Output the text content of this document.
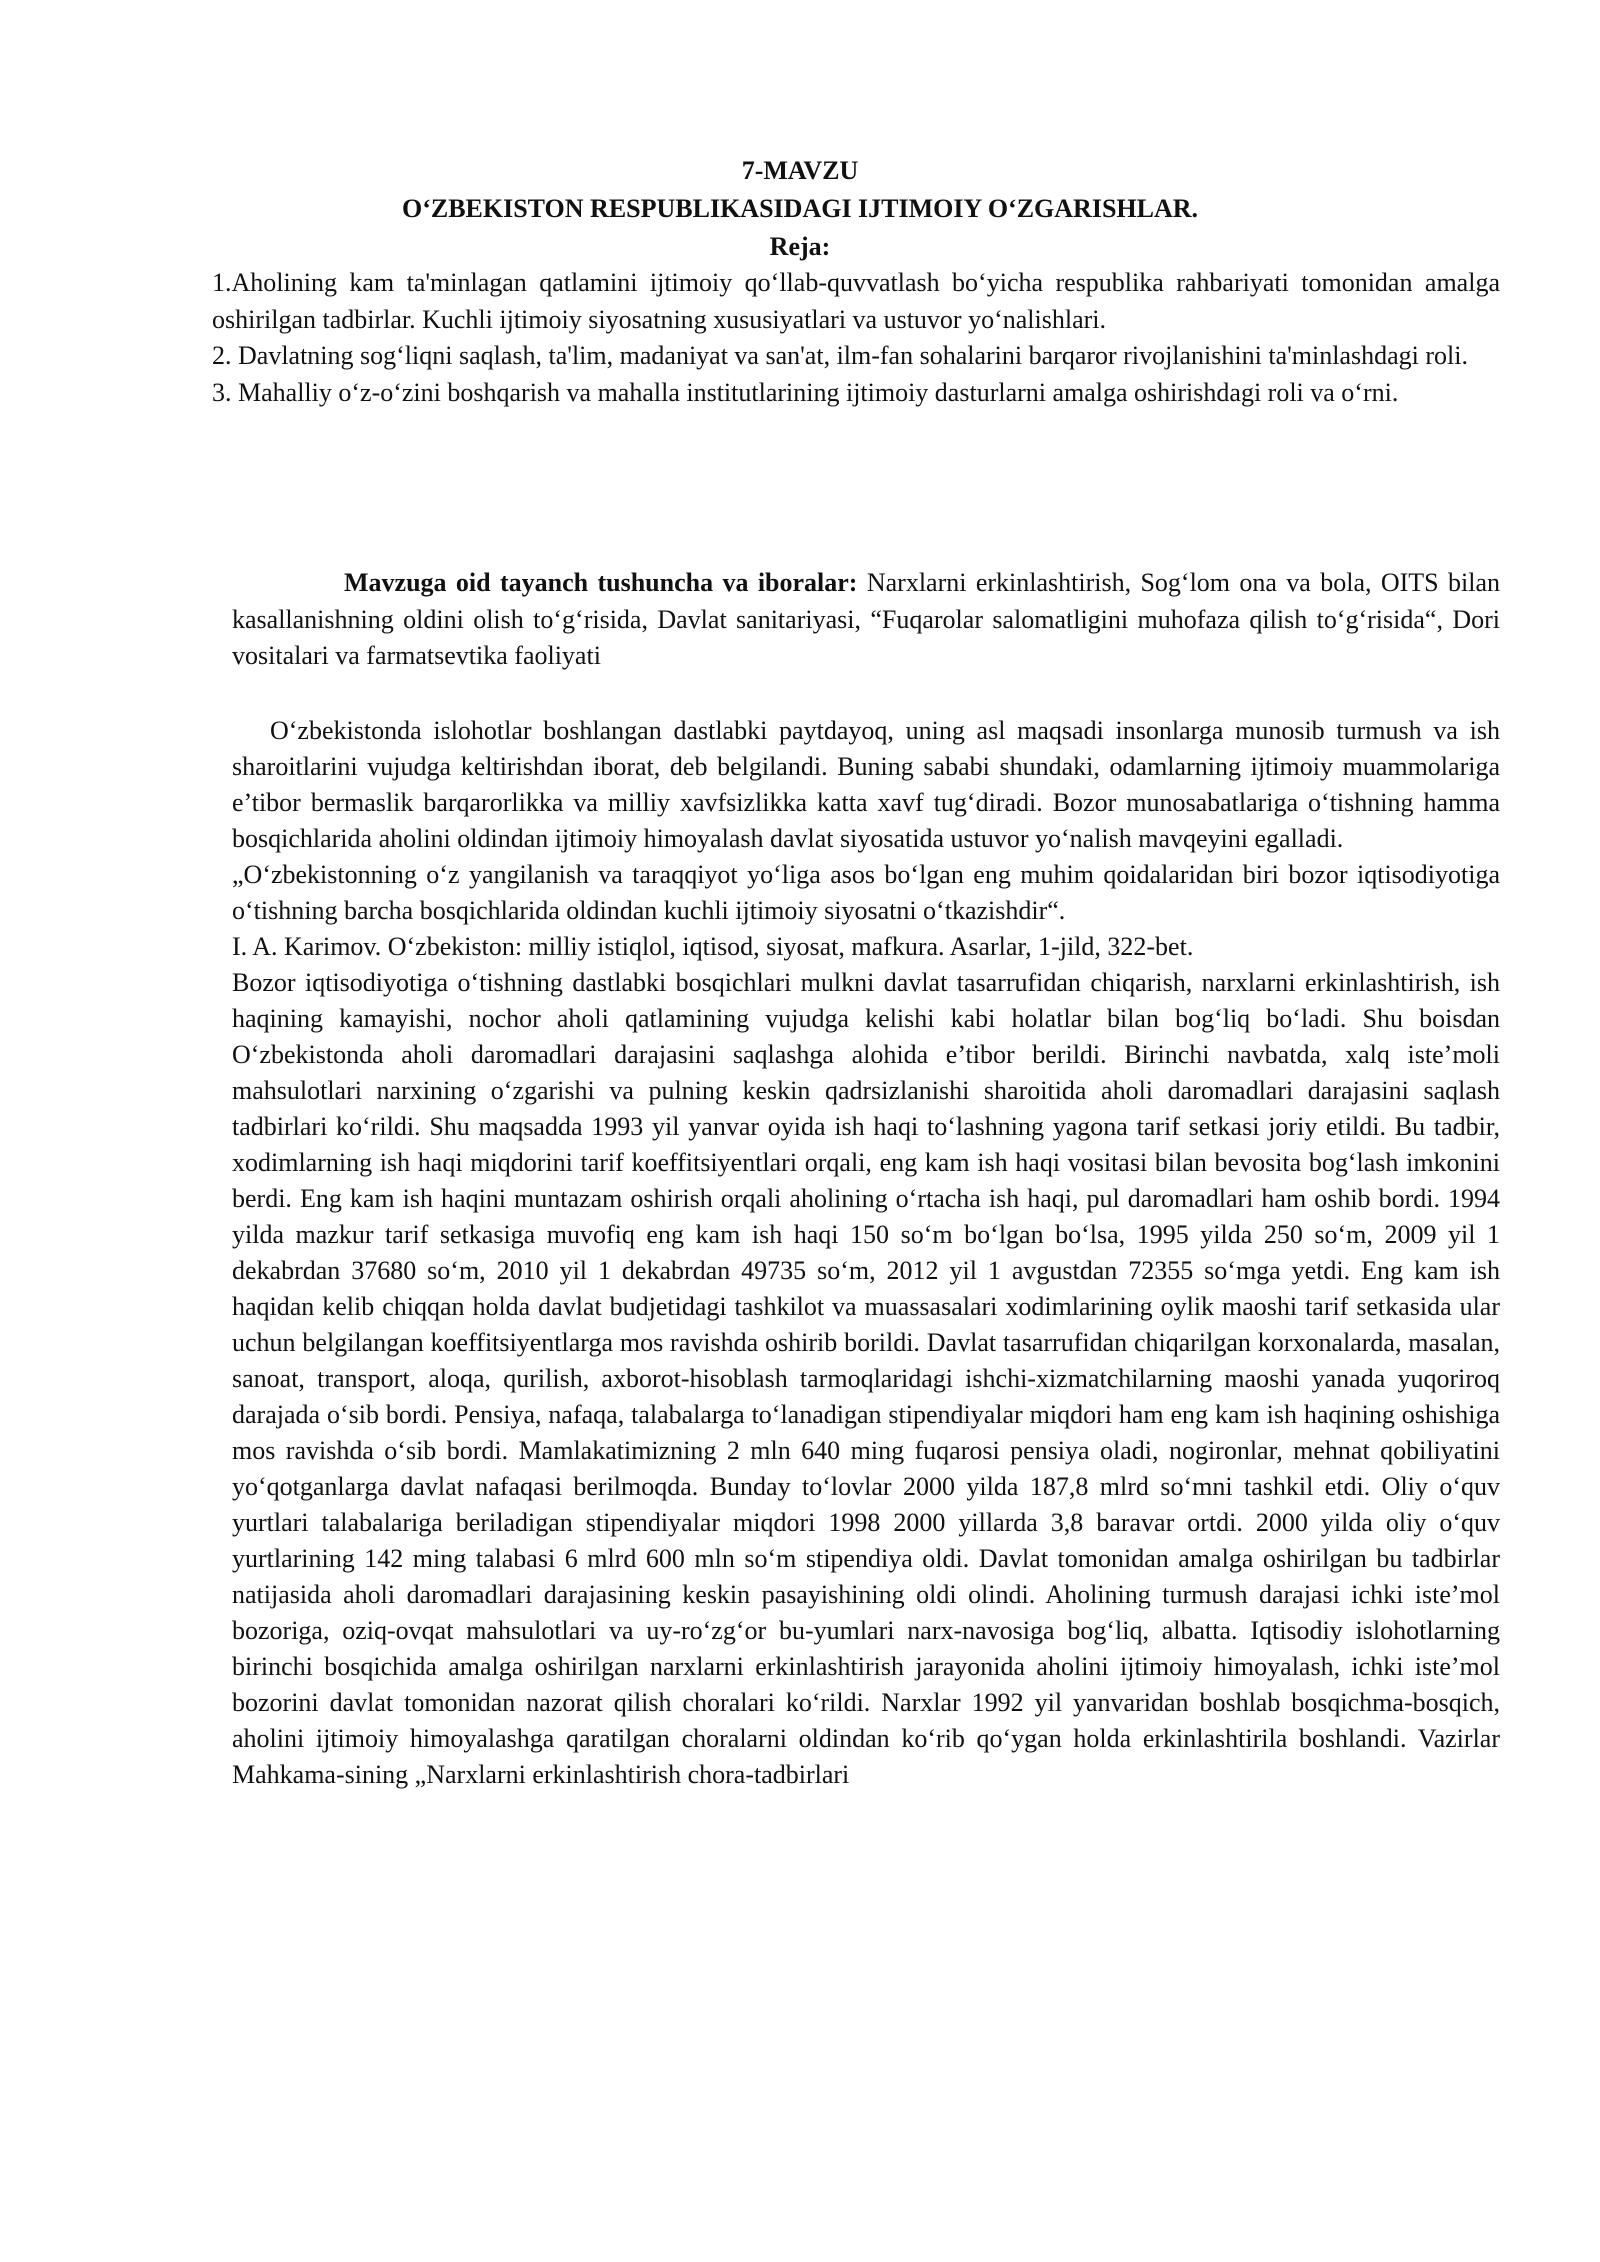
7-MAVZU
O‘ZBEKISTON RESPUBLIKASIDAGI IJTIMOIY O‘ZGARISHLAR.
Reja:

1.Aholining kam ta'minlagan qatlamini ijtimoiy qo‘llab-quvvatlash bo‘yicha respublika rahbariyati tomonidan amalga oshirilgan tadbirlar. Kuchli ijtimoiy siyosatning xususiyatlari va ustuvor yo‘nalishlari.

2. Davlatning sog‘liqni saqlash, ta'lim, madaniyat va san'at, ilm-fan sohalarini barqaror rivojlanishini ta'minlashdagi roli.

3. Mahalliy o‘z-o‘zini boshqarish va mahalla institutlarining ijtimoiy dasturlarni amalga oshirishdagi roli va o‘rni.

Mavzuga oid tayanch tushuncha va iboralar: Narxlarni erkinlashtirish, Sog‘lom ona va bola, OITS bilan kasallanishning oldini olish to‘g‘risida, Davlat sanitariyasi, “Fuqarolar salomatligini muhofaza qilish to‘g‘risida“, Dori vositalari va farmatsevtika faoliyati

O‘zbekistonda islohotlar boshlangan dastlabki paytdayoq, uning asl maqsadi insonlarga munosib turmush va ish sharoitlarini vujudga keltirishdan iborat, deb belgilandi. Buning sababi shundaki, odamlarning ijtimoiy muammolariga e’tibor bermaslik barqarorlikka va milliy xavfsizlikka katta xavf tug‘diradi. Bozor munosabatlariga o‘tishning hamma bosqichlarida aholini oldindan ijtimoiy himoyalash davlat siyosatida ustuvor yo‘nalish mavqeyini egalladi.

„O‘zbekistonning o‘z yangilanish va taraqqiyot yo‘liga asos bo‘lgan eng muhim qoidalaridan biri bozor iqtisodiyotiga o‘tishning barcha bosqichlarida oldindan kuchli ijtimoiy siyosatni o‘tkazishdir“.

I. A. Karimov. O‘zbekiston: milliy istiqlol, iqtisod, siyosat, mafkura. Asarlar, 1-jild, 322-bet.

Bozor iqtisodiyotiga o‘tishning dastlabki bosqichlari mulkni davlat tasarrufidan chiqarish, narxlarni erkinlashtirish, ish haqining kamayishi, nochor aholi qatlamining vujudga kelishi kabi holatlar bilan bog‘liq bo‘ladi. Shu boisdan O‘zbekistonda aholi daromadlari darajasini saqlashga alohida e’tibor berildi. Birinchi navbatda, xalq iste’moli mahsulotlari narxining o‘zgarishi va pulning keskin qadrsizlanishi sharoitida aholi daromadlari darajasini saqlash tadbirlari ko‘rildi. Shu maqsadda 1993 yil yanvar oyida ish haqi to‘lashning yagona tarif setkasi joriy etildi. Bu tadbir, xodimlarning ish haqi miqdorini tarif koeffitsiyentlari orqali, eng kam ish haqi vositasi bilan bevosita bog‘lash imkonini berdi. Eng kam ish haqini muntazam oshirish orqali aholining o‘rtacha ish haqi, pul daromadlari ham oshib bordi. 1994 yilda mazkur tarif setkasiga muvofiq eng kam ish haqi 150 so‘m bo‘lgan bo‘lsa, 1995 yilda 250 so‘m, 2009 yil 1 dekabrdan 37680 so‘m, 2010 yil 1 dekabrdan 49735 so‘m, 2012 yil 1 avgustdan 72355 so‘mga yetdi. Eng kam ish haqidan kelib chiqqan holda davlat budjetidagi tashkilot va muassasalari xodimlarining oylik maoshi tarif setkasida ular uchun belgilangan koeffitsiyentlarga mos ravishda oshirib borildi. Davlat tasarrufidan chiqarilgan korxonalarda, masalan, sanoat, transport, aloqa, qurilish, axborot-hisoblash tarmoqlaridagi ishchi-xizmatchilarning maoshi yanada yuqoriroq darajada o‘sib bordi. Pensiya, nafaqa, talabalarga to‘lanadigan stipendiyalar miqdori ham eng kam ish haqining oshishiga mos ravishda o‘sib bordi. Mamlakatimizning 2 mln 640 ming fuqarosi pensiya oladi, nogironlar, mehnat qobiliyatini yo‘qotganlarga davlat nafaqasi berilmoqda. Bunday to‘lovlar 2000 yilda 187,8 mlrd so‘mni tashkil etdi. Oliy o‘quv yurtlari talabalariga beriladigan stipendiyalar miqdori 1998 2000 yillarda 3,8 baravar ortdi. 2000 yilda oliy o‘quv yurtlarining 142 ming talabasi 6 mlrd 600 mln so‘m stipendiya oldi. Davlat tomonidan amalga oshirilgan bu tadbirlar natijasida aholi daromadlari darajasining keskin pasayishining oldi olindi. Aholining turmush darajasi ichki iste’mol bozoriga, oziq-ovqat mahsulotlari va uy-ro‘zg‘or bu-yumlari narx-navosiga bog‘liq, albatta. Iqtisodiy islohotlarning birinchi bosqichida amalga oshirilgan narxlarni erkinlashtirish jarayonida aholini ijtimoiy himoyalash, ichki iste’mol bozorini davlat tomonidan nazorat qilish choralari ko‘rildi. Narxlar 1992 yil yanvaridan boshlab bosqichma-bosqich, aholini ijtimoiy himoyalashga qaratilgan choralarni oldindan ko‘rib qo‘ygan holda erkinlashtirila boshlandi. Vazirlar Mahkama-sining „Narxlarni erkinlashtirish chora-tadbirlari
